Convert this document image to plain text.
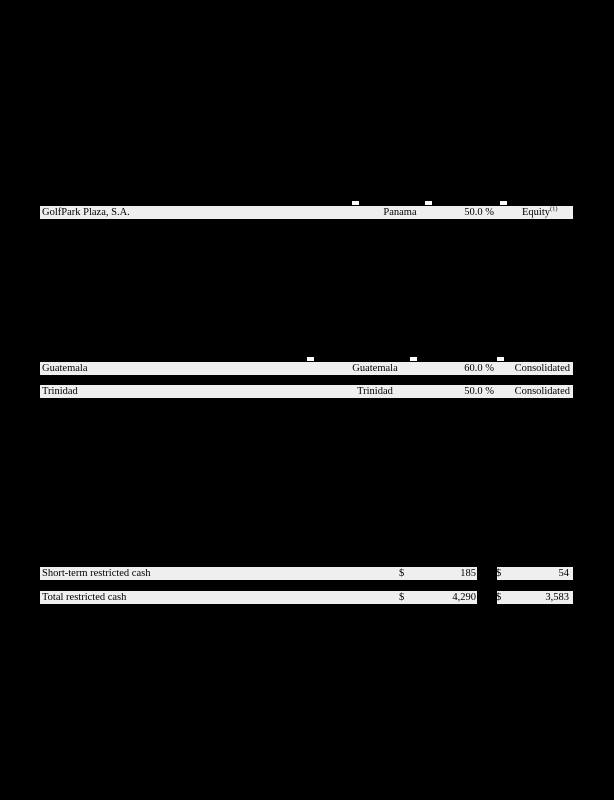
GolfPark Plaza, S.A.	Panama	50.0 %	Equity$^{(1)}$
Guatemala	Guatemala	60.0 %	Consolidated
Trinidad	Trinidad	50.0 %	Consolidated
Short-term restricted cash	$	185 $	54
Total restricted cash	$	4,290 $	3,583
